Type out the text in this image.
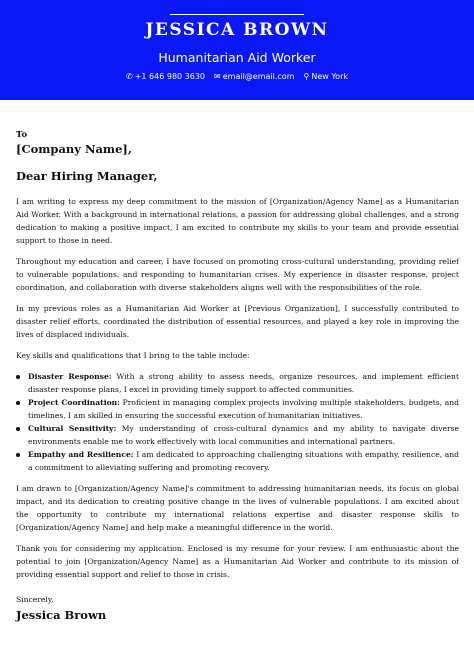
JESSICA BROWN
Humanitarian Aid Worker
✆ +1 646 980 3630 ✉ email@email.com ⚲ New York
To
[Company Name],
Dear Hiring Manager,

I am writing to express my deep commitment to the mission of [Organization/Agency Name] as a Humanitarian Aid Worker. With a background in international relations, a passion for addressing global challenges, and a strong dedication to making a positive impact, I am excited to contribute my skills to your team and provide essential support to those in need.

Throughout my education and career, I have focused on promoting cross-cultural understanding, providing relief to vulnerable populations, and responding to humanitarian crises. My experience in disaster response, project coordination, and collaboration with diverse stakeholders aligns well with the responsibilities of the role.

In my previous roles as a Humanitarian Aid Worker at [Previous Organization], I successfully contributed to disaster relief efforts, coordinated the distribution of essential resources, and played a key role in improving the lives of displaced individuals.

Key skills and qualifications that I bring to the table include:

Disaster Response: With a strong ability to assess needs, organize resources, and implement efficient disaster response plans, I excel in providing timely support to affected communities.
Project Coordination: Proficient in managing complex projects involving multiple stakeholders, budgets, and timelines, I am skilled in ensuring the successful execution of humanitarian initiatives.
Cultural Sensitivity: My understanding of cross-cultural dynamics and my ability to navigate diverse environments enable me to work effectively with local communities and international partners.
Empathy and Resilience: I am dedicated to approaching challenging situations with empathy, resilience, and a commitment to alleviating suffering and promoting recovery.

I am drawn to [Organization/Agency Name]'s commitment to addressing humanitarian needs, its focus on global impact, and its dedication to creating positive change in the lives of vulnerable populations. I am excited about the opportunity to contribute my international relations expertise and disaster response skills to [Organization/Agency Name] and help make a meaningful difference in the world.

Thank you for considering my application. Enclosed is my resume for your review. I am enthusiastic about the potential to join [Organization/Agency Name] as a Humanitarian Aid Worker and contribute to its mission of providing essential support and relief to those in crisis.

Sincerely,
Jessica Brown
